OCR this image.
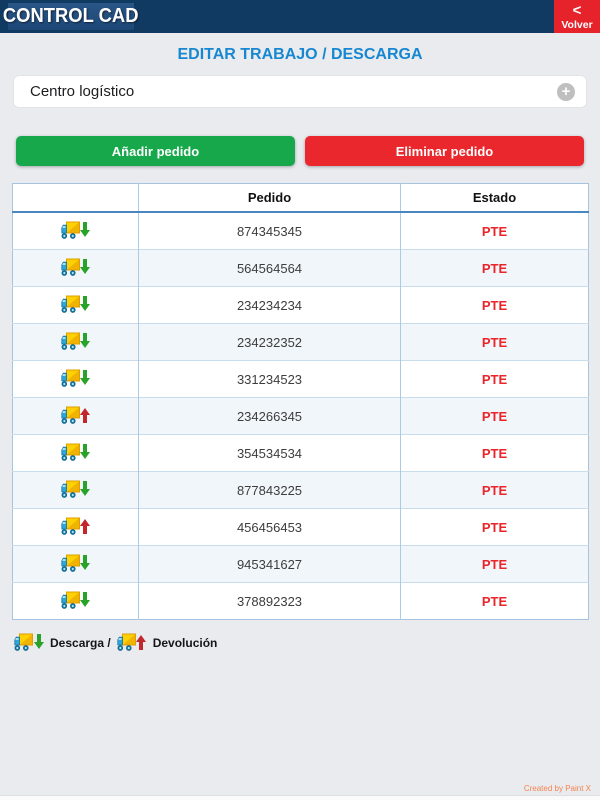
CONTROL CAD	<
Volver
EDITAR TRABAJO / DESCARGA
Centro logístico	+
Añadir pedido	Eliminar pedido
	Pedido	Estado

	874345345	PTE

	564564564	PTE

	234234234	PTE

	234232352	PTE

	331234523	PTE

	234266345	PTE

	354534534	PTE

	877843225	PTE

	456456453	PTE

	945341627	PTE

	378892323	PTE
Descarga /	Devolución
Created by Paint X
